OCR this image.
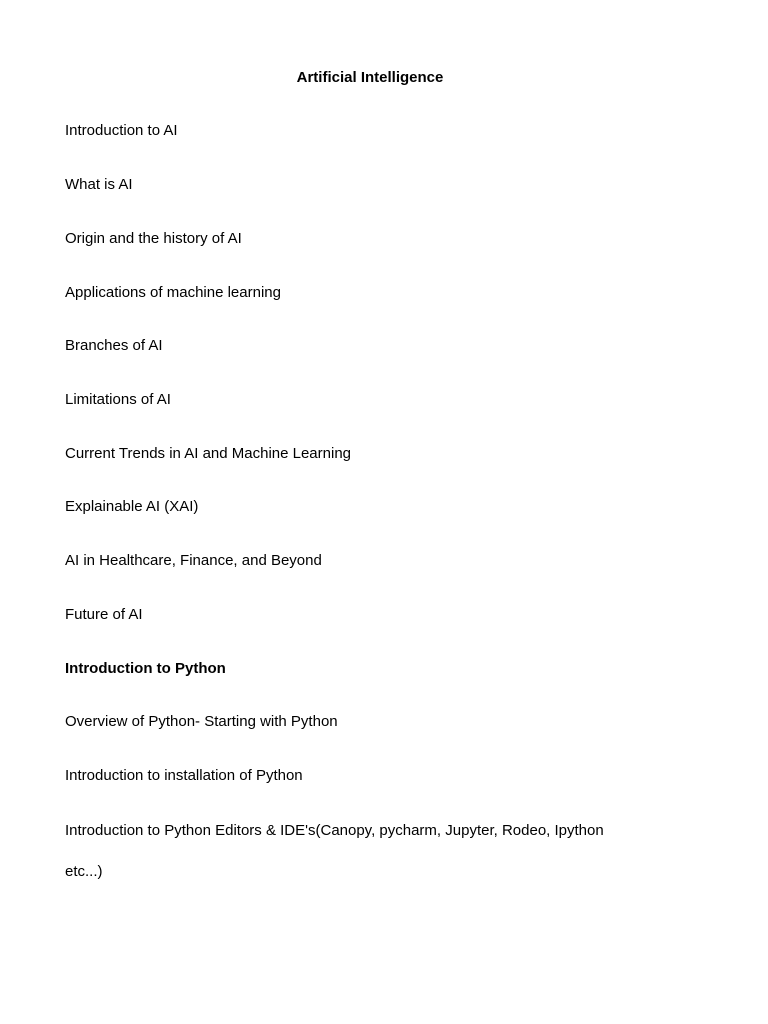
Artificial Intelligence
Introduction to AI
What is AI
Origin and the history of AI
Applications of machine learning
Branches of AI
Limitations of AI
Current Trends in AI and Machine Learning
Explainable AI (XAI)
AI in Healthcare, Finance, and Beyond
Future of AI
Introduction to Python
Overview of Python- Starting with Python
Introduction to installation of Python
Introduction to Python Editors & IDE's(Canopy, pycharm, Jupyter, Rodeo, Ipython
etc...)
